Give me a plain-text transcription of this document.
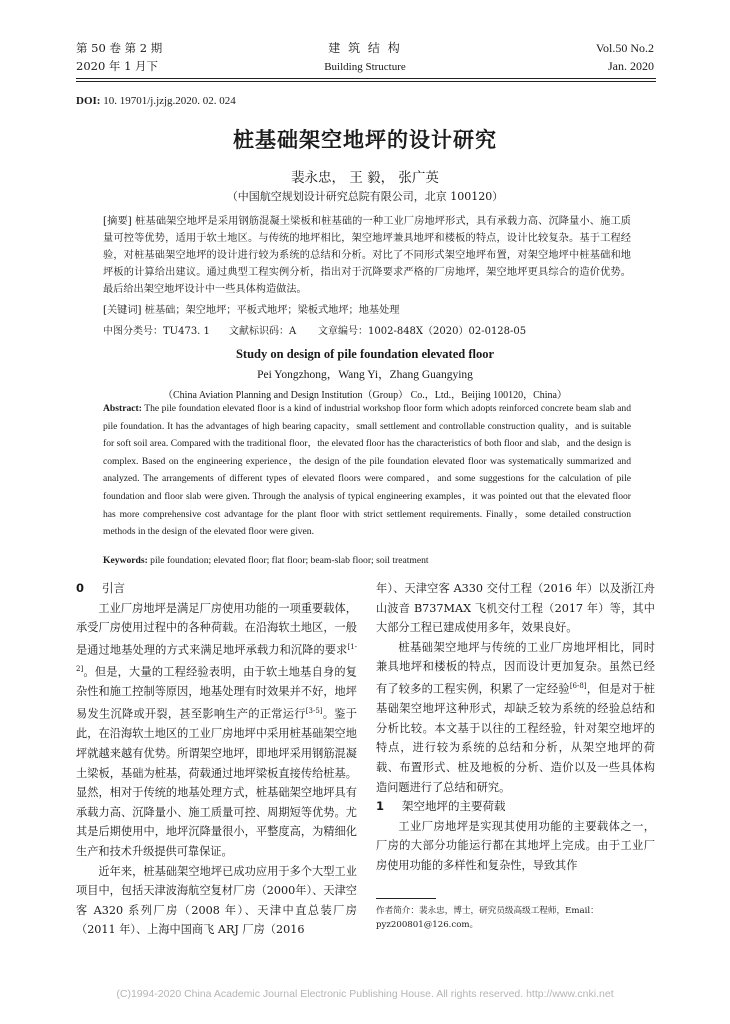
第 50 卷 第 2 期
2020 年 1 月下
建 筑 结 构
Building Structure
Vol.50 No.2
Jan. 2020
DOI: 10. 19701/j.jzjg.2020. 02. 024
桩基础架空地坪的设计研究
裴永忠， 王 毅， 张广英
（中国航空规划设计研究总院有限公司，北京 100120）
[摘要] 桩基础架空地坪是采用钢筋混凝土梁板和桩基础的一种工业厂房地坪形式，具有承载力高、沉降量小、施工质量可控等优势，适用于软土地区。与传统的地坪相比，架空地坪兼具地坪和楼板的特点，设计比较复杂。基于工程经验，对桩基础架空地坪的设计进行较为系统的总结和分析。对比了不同形式架空地坪布置，对架空地坪中桩基础和地坪板的计算给出建议。通过典型工程实例分析，指出对于沉降要求严格的厂房地坪，架空地坪更具综合的造价优势。最后给出架空地坪设计中一些具体构造做法。
[关键词] 桩基础；架空地坪；平板式地坪；梁板式地坪；地基处理
中图分类号：TU473. 1 文献标识码：A 文章编号：1002-848X（2020）02-0128-05
Study on design of pile foundation elevated floor
Pei Yongzhong，Wang Yi，Zhang Guangying
（China Aviation Planning and Design Institution（Group） Co.，Ltd.，Beijing 100120，China）
Abstract: The pile foundation elevated floor is a kind of industrial workshop floor form which adopts reinforced concrete beam slab and pile foundation. It has the advantages of high bearing capacity，small settlement and controllable construction quality，and is suitable for soft soil area. Compared with the traditional floor，the elevated floor has the characteristics of both floor and slab，and the design is complex. Based on the engineering experience，the design of the pile foundation elevated floor was systematically summarized and analyzed. The arrangements of different types of elevated floors were compared，and some suggestions for the calculation of pile foundation and floor slab were given. Through the analysis of typical engineering examples，it was pointed out that the elevated floor has more comprehensive cost advantage for the plant floor with strict settlement requirements. Finally，some detailed construction methods in the design of the elevated floor were given.
Keywords: pile foundation; elevated floor; flat floor; beam-slab floor; soil treatment
0 引言

工业厂房地坪是满足厂房使用功能的一项重要载体，承受厂房使用过程中的各种荷载。在沿海软土地区，一般是通过地基处理的方式来满足地坪承载力和沉降的要求[1-2]。但是，大量的工程经验表明，由于软土地基自身的复杂性和施工控制等原因，地基处理有时效果并不好，地坪易发生沉降或开裂，甚至影响生产的正常运行[3-5]。鉴于此，在沿海软土地区的工业厂房地坪中采用桩基础架空地坪就越来越有优势。所谓架空地坪，即地坪采用钢筋混凝土梁板，基础为桩基，荷载通过地坪梁板直接传给桩基。显然，相对于传统的地基处理方式，桩基础架空地坪具有承载力高、沉降量小、施工质量可控、周期短等优势。尤其是后期使用中，地坪沉降量很小，平整度高，为精细化生产和技术升级提供可靠保证。

近年来，桩基础架空地坪已成功应用于多个大型工业项目中，包括天津波海航空复材厂房（2000年）、天津空客 A320 系列厂房（2008 年）、天津中直总装厂房（2011 年）、上海中国商飞 ARJ 厂房（2016

年）、天津空客 A330 交付工程（2016 年）以及浙江舟山波音 B737MAX 飞机交付工程（2017 年）等，其中大部分工程已建成使用多年，效果良好。

桩基础架空地坪与传统的工业厂房地坪相比，同时兼具地坪和楼板的特点，因而设计更加复杂。虽然已经有了较多的工程实例，积累了一定经验[6-8]，但是对于桩基础架空地坪这种形式，却缺乏较为系统的经验总结和分析比较。本文基于以往的工程经验，针对架空地坪的特点，进行较为系统的总结和分析，从架空地坪的荷载、布置形式、桩及地板的分析、造价以及一些具体构造问题进行了总结和研究。

1 架空地坪的主要荷载

工业厂房地坪是实现其使用功能的主要载体之一，厂房的大部分功能运行都在其地坪上完成。由于工业厂房使用功能的多样性和复杂性，导致其作

作者简介：裴永忠，博士，研究员级高级工程师，Email：pyz200801@126.com。
(C)1994-2020 China Academic Journal Electronic Publishing House. All rights reserved. http://www.cnki.net
